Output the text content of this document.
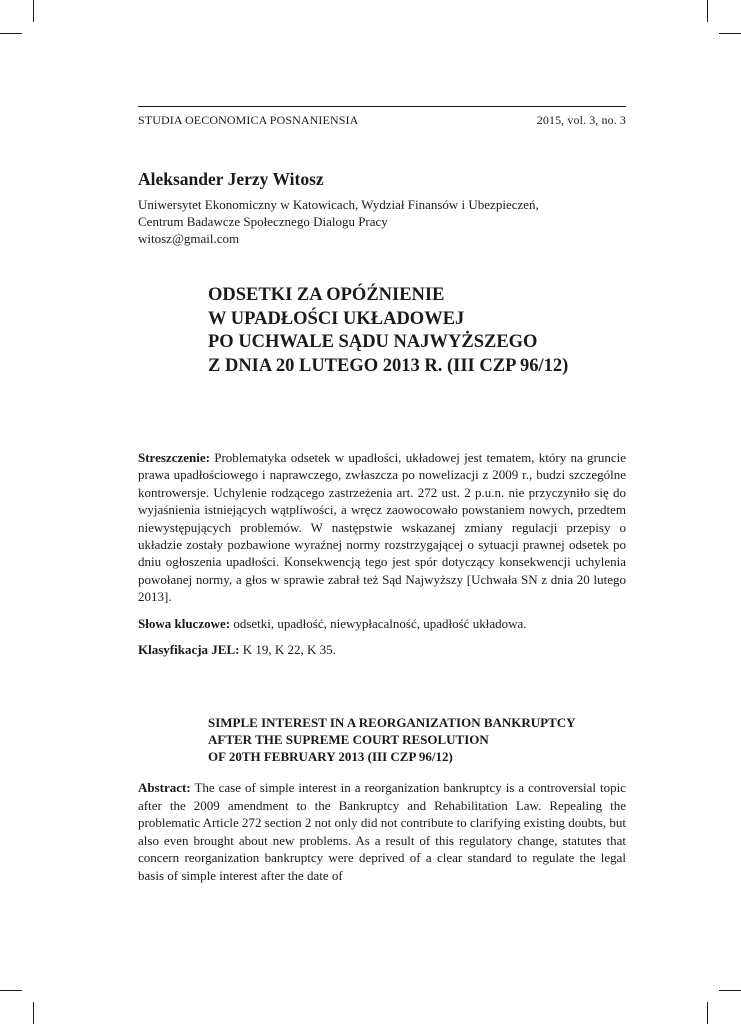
STUDIA OECONOMICA POSNANIENSIA	2015, vol. 3, no. 3
Aleksander Jerzy Witosz
Uniwersytet Ekonomiczny w Katowicach, Wydział Finansów i Ubezpieczeń,
Centrum Badawcze Społecznego Dialogu Pracy
witosz@gmail.com
ODSETKI ZA OPÓŹNIENIE
W UPADŁOŚCI UKŁADOWEJ
PO UCHWALE SĄDU NAJWYŻSZEGO
Z DNIA 20 LUTEGO 2013 R. (III CZP 96/12)

Streszczenie: Problematyka odsetek w upadłości, układowej jest tematem, który na gruncie prawa upadłościowego i naprawczego, zwłaszcza po nowelizacji z 2009 r., budzi szczególne kontrowersje. Uchylenie rodzącego zastrzeżenia art. 272 ust. 2 p.u.n. nie przyczyniło się do wyjaśnienia istniejących wątpliwości, a wręcz zaowocowało powstaniem nowych, przedtem niewystępujących problemów. W następstwie wskazanej zmiany regulacji przepisy o układzie zostały pozbawione wyraźnej normy rozstrzygającej o sytuacji prawnej odsetek po dniu ogłoszenia upadłości. Konsekwencją tego jest spór dotyczący konsekwencji uchylenia powołanej normy, a głos w sprawie zabrał też Sąd Najwyższy [Uchwała SN z dnia 20 lutego 2013].

Słowa kluczowe: odsetki, upadłość, niewypłacalność, upadłość układowa.

Klasyfikacja JEL: K 19, K 22, K 35.

SIMPLE INTEREST IN A REORGANIZATION BANKRUPTCY
AFTER THE SUPREME COURT RESOLUTION
OF 20TH FEBRUARY 2013 (III CZP 96/12)

Abstract: The case of simple interest in a reorganization bankruptcy is a controversial topic after the 2009 amendment to the Bankruptcy and Rehabilitation Law. Repealing the problematic Article 272 section 2 not only did not contribute to clarifying existing doubts, but also even brought about new problems. As a result of this regulatory change, statutes that concern reorganization bankruptcy were deprived of a clear standard to regulate the legal basis of simple interest after the date of
